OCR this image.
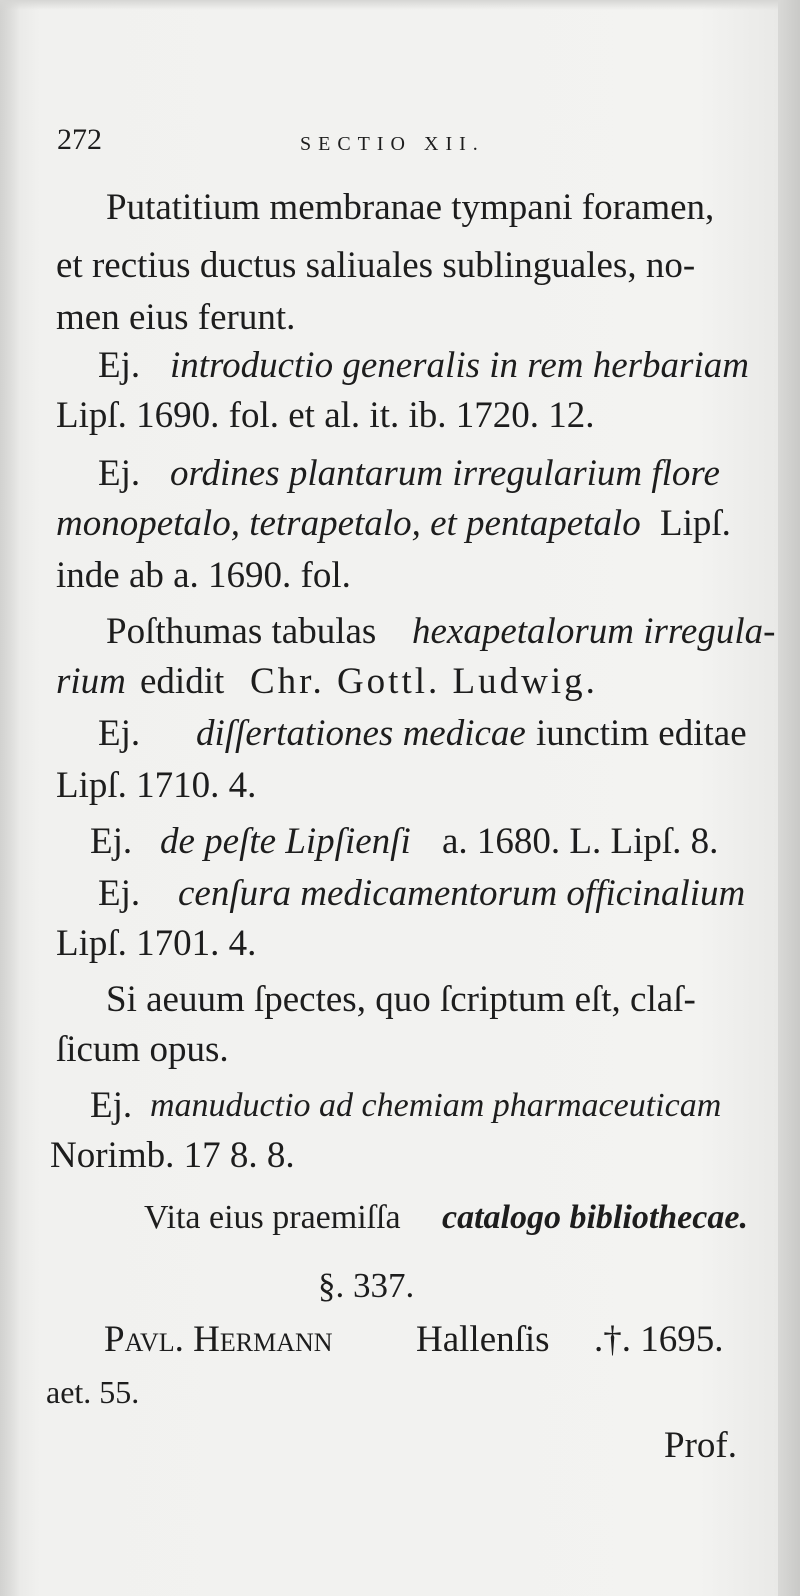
272	SECTIO XII.
Putatitium membranae tympani foramen,
et rectius ductus saliuales sublinguales, no-
men eius ferunt.
Ej. introductio generalis in rem herbariam
Lipſ. 1690. fol. et al. it. ib. 1720. 12.
Ej. ordines plantarum irregularium flore
monopetalo, tetrapetalo, et pentapetalo Lipſ.
inde ab a. 1690. fol.
Poſthumas tabulas hexapetalorum irregula-
rium edidit Chr. Gottl. Ludwig.
Ej. diſſertationes medicae iunctim editae
Lipſ. 1710. 4.
Ej. de peſte Lipſienſi a. 1680. L. Lipſ. 8.
Ej. cenſura medicamentorum officinalium
Lipſ. 1701. 4.
Si aeuum ſpectes, quo ſcriptum eſt, claſ-
ſicum opus.
Ej. manuductio ad chemiam pharmaceuticam
Norimb. 17 8. 8.
Vita eius praemiſſa catalogo bibliothecae.
§. 337.
Pavl. Hermann Hallenſis .†. 1695.
aet. 55.
Prof.
